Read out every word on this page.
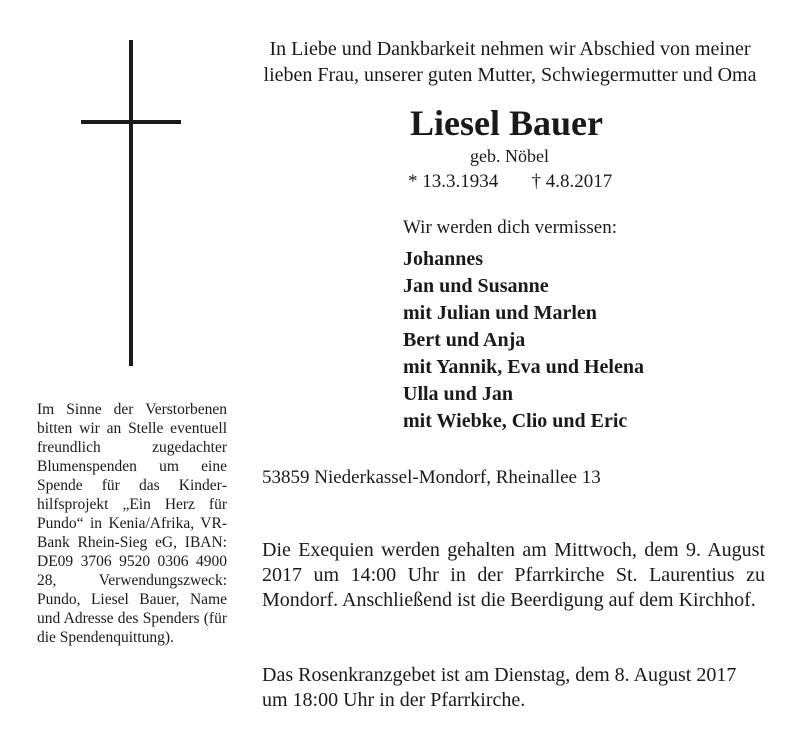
In Liebe und Dankbarkeit nehmen wir Abschied von meiner lieben Frau, unserer guten Mutter, Schwiegermutter und Oma
Liesel Bauer
geb. Nöbel
* 13.3.1934 † 4.8.2017
Wir werden dich vermissen:
Johannes
Jan und Susanne
mit Julian und Marlen
Bert und Anja
mit Yannik, Eva und Helena
Ulla und Jan
mit Wiebke, Clio und Eric
53859 Niederkassel-Mondorf, Rheinallee 13
Die Exequien werden gehalten am Mittwoch, dem 9. August 2017 um 14:00 Uhr in der Pfarrkirche St. Laurentius zu Mondorf. Anschließend ist die Beerdigung auf dem Kirchhof.
Das Rosenkranzgebet ist am Dienstag, dem 8. August 2017 um 18:00 Uhr in der Pfarrkirche.
Im Sinne der Verstorbenen bitten wir an Stelle eventuell freundlich zugedachter Blumenspenden um eine Spende für das Kinderhilfsprojekt „Ein Herz für Pundo“ in Kenia/Afrika, VR-Bank Rhein-Sieg eG, IBAN: DE09 3706 9520 0306 4900 28, Verwendungszweck: Pundo, Liesel Bauer, Name und Adresse des Spenders (für die Spendenquittung).
